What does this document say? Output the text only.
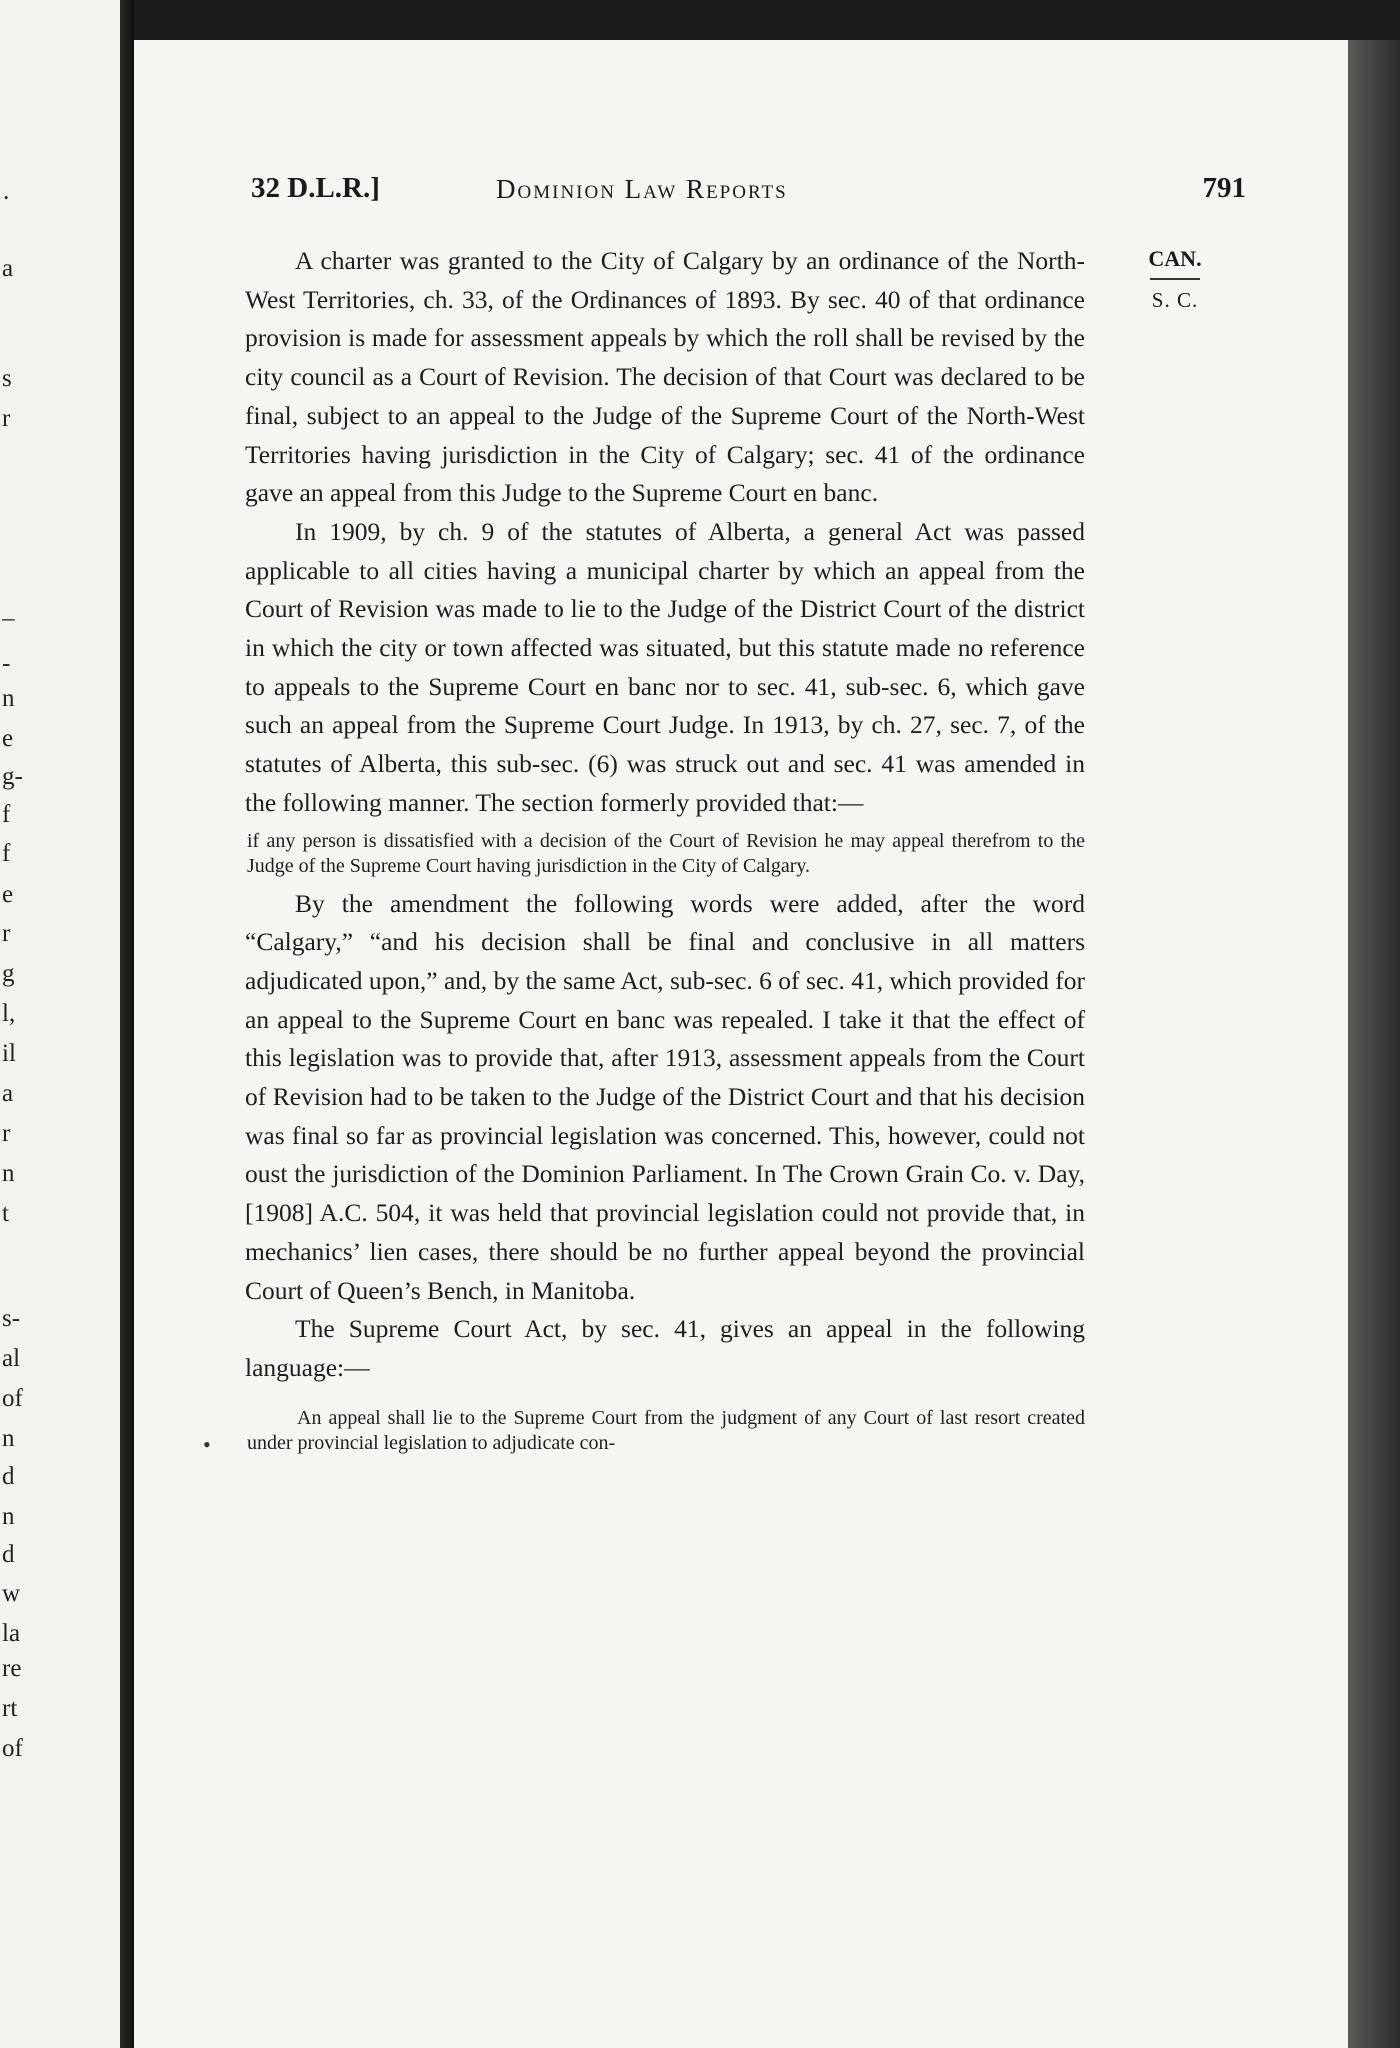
·
a
s
r
–
-
n
e
g-
f
f
e
r
g
l,
il
a
r
n
t
s-
al
of
n
d
n
d
w
la
re
rt
of
32 D.L.R.]	Dominion Law Reports	791
CAN.
S. C.

A charter was granted to the City of Calgary by an ordinance of the North-West Territories, ch. 33, of the Ordinances of 1893. By sec. 40 of that ordinance provision is made for assessment appeals by which the roll shall be revised by the city council as a Court of Revision. The decision of that Court was declared to be final, subject to an appeal to the Judge of the Supreme Court of the North-West Territories having jurisdiction in the City of Calgary; sec. 41 of the ordinance gave an appeal from this Judge to the Supreme Court en banc.

In 1909, by ch. 9 of the statutes of Alberta, a general Act was passed applicable to all cities having a municipal charter by which an appeal from the Court of Revision was made to lie to the Judge of the District Court of the district in which the city or town affected was situated, but this statute made no reference to appeals to the Supreme Court en banc nor to sec. 41, sub-sec. 6, which gave such an appeal from the Supreme Court Judge. In 1913, by ch. 27, sec. 7, of the statutes of Alberta, this sub-sec. (6) was struck out and sec. 41 was amended in the following manner. The section formerly provided that:—

if any person is dissatisfied with a decision of the Court of Revision he may appeal therefrom to the Judge of the Supreme Court having jurisdiction in the City of Calgary.

By the amendment the following words were added, after the word “Calgary,” “and his decision shall be final and conclusive in all matters adjudicated upon,” and, by the same Act, sub-sec. 6 of sec. 41, which provided for an appeal to the Supreme Court en banc was repealed. I take it that the effect of this legislation was to provide that, after 1913, assessment appeals from the Court of Revision had to be taken to the Judge of the District Court and that his decision was final so far as provincial legislation was concerned. This, however, could not oust the jurisdiction of the Dominion Parliament. In The Crown Grain Co. v. Day, [1908] A.C. 504, it was held that provincial legislation could not provide that, in mechanics’ lien cases, there should be no further appeal beyond the provincial Court of Queen’s Bench, in Manitoba.

The Supreme Court Act, by sec. 41, gives an appeal in the following language:—

An appeal shall lie to the Supreme Court from the judgment of any Court of last resort created under provincial legislation to adjudicate con-

•
